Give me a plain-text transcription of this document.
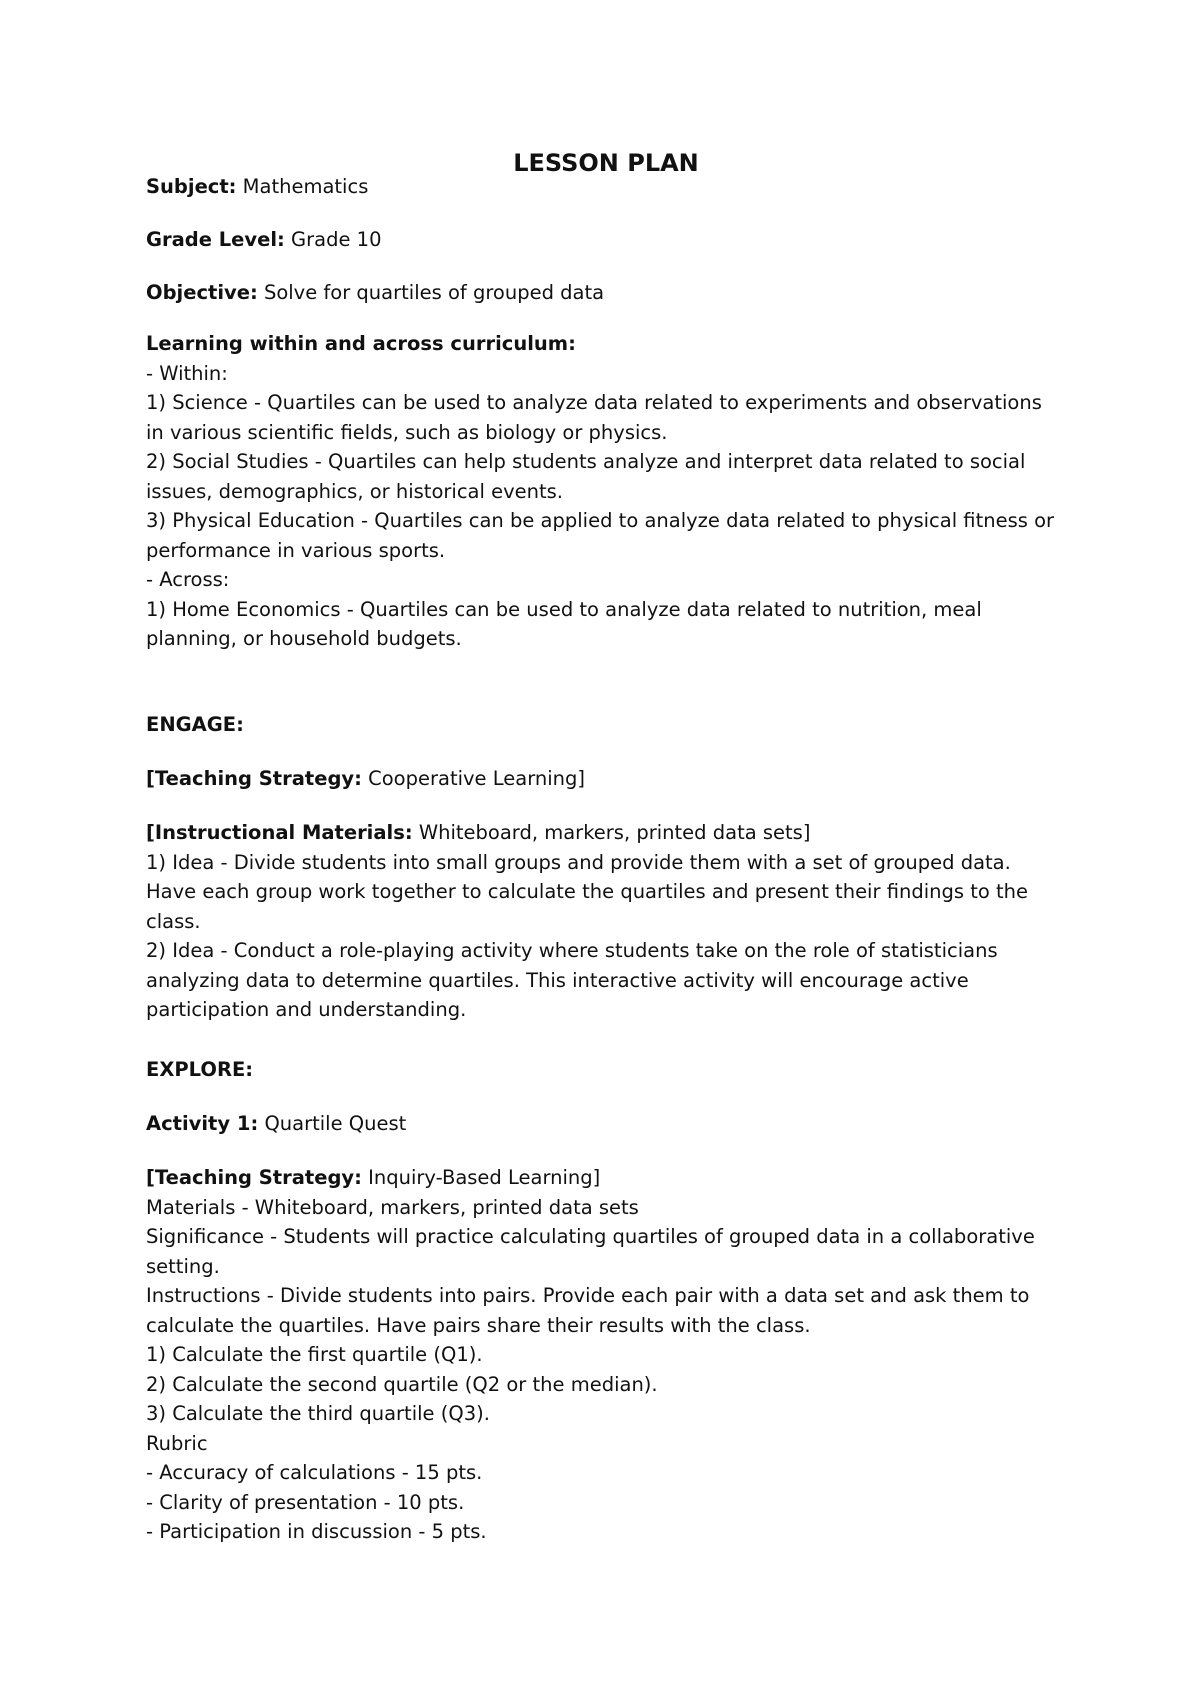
LESSON PLAN
Subject: Mathematics
Grade Level: Grade 10
Objective: Solve for quartiles of grouped data
Learning within and across curriculum:
- Within:
1) Science - Quartiles can be used to analyze data related to experiments and observations
in various scientific fields, such as biology or physics.
2) Social Studies - Quartiles can help students analyze and interpret data related to social
issues, demographics, or historical events.
3) Physical Education - Quartiles can be applied to analyze data related to physical fitness or
performance in various sports.
- Across:
1) Home Economics - Quartiles can be used to analyze data related to nutrition, meal
planning, or household budgets.
ENGAGE:
[Teaching Strategy: Cooperative Learning]
[Instructional Materials: Whiteboard, markers, printed data sets]
1) Idea - Divide students into small groups and provide them with a set of grouped data.
Have each group work together to calculate the quartiles and present their findings to the
class.
2) Idea - Conduct a role-playing activity where students take on the role of statisticians
analyzing data to determine quartiles. This interactive activity will encourage active
participation and understanding.
EXPLORE:
Activity 1: Quartile Quest
[Teaching Strategy: Inquiry-Based Learning]
Materials - Whiteboard, markers, printed data sets
Significance - Students will practice calculating quartiles of grouped data in a collaborative
setting.
Instructions - Divide students into pairs. Provide each pair with a data set and ask them to
calculate the quartiles. Have pairs share their results with the class.
1) Calculate the first quartile (Q1).
2) Calculate the second quartile (Q2 or the median).
3) Calculate the third quartile (Q3).
Rubric
- Accuracy of calculations - 15 pts.
- Clarity of presentation - 10 pts.
- Participation in discussion - 5 pts.
